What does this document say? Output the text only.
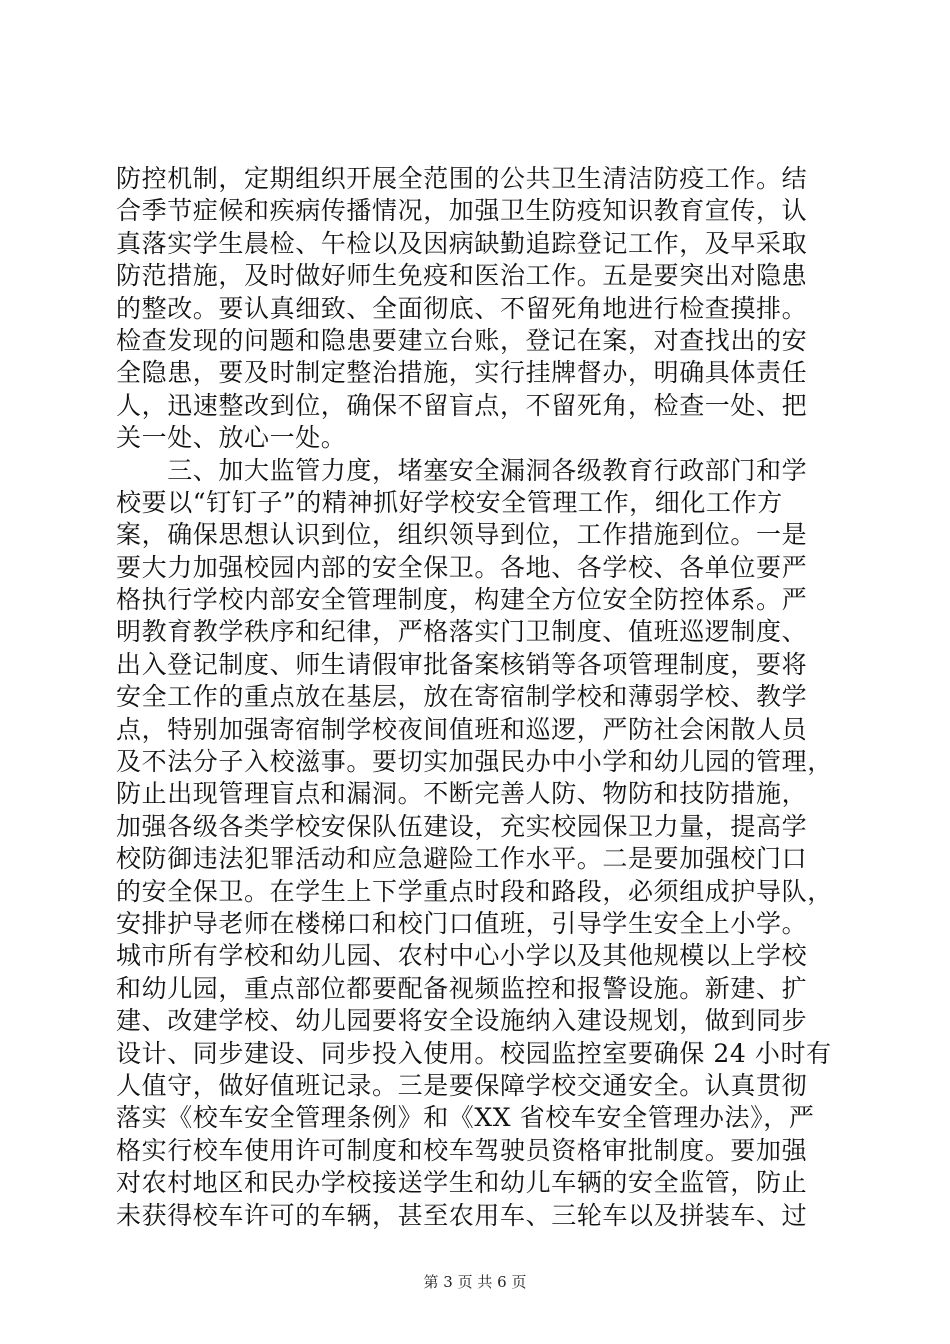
防控机制，定期组织开展全范围的公共卫生清洁防疫工作。结
合季节症候和疾病传播情况，加强卫生防疫知识教育宣传，认
真落实学生晨检、午检以及因病缺勤追踪登记工作，及早采取
防范措施，及时做好师生免疫和医治工作。五是要突出对隐患
的整改。要认真细致、全面彻底、不留死角地进行检查摸排。
检查发现的问题和隐患要建立台账，登记在案，对查找出的安
全隐患，要及时制定整治措施，实行挂牌督办，明确具体责任
人，迅速整改到位，确保不留盲点，不留死角，检查一处、把
关一处、放心一处。
　　三、加大监管力度，堵塞安全漏洞各级教育行政部门和学
校要以“钉钉子”的精神抓好学校安全管理工作，细化工作方
案，确保思想认识到位，组织领导到位，工作措施到位。一是
要大力加强校园内部的安全保卫。各地、各学校、各单位要严
格执行学校内部安全管理制度，构建全方位安全防控体系。严
明教育教学秩序和纪律，严格落实门卫制度、值班巡逻制度、
出入登记制度、师生请假审批备案核销等各项管理制度，要将
安全工作的重点放在基层，放在寄宿制学校和薄弱学校、教学
点，特别加强寄宿制学校夜间值班和巡逻，严防社会闲散人员
及不法分子入校滋事。要切实加强民办中小学和幼儿园的管理，
防止出现管理盲点和漏洞。不断完善人防、物防和技防措施，
加强各级各类学校安保队伍建设，充实校园保卫力量，提高学
校防御违法犯罪活动和应急避险工作水平。二是要加强校门口
的安全保卫。在学生上下学重点时段和路段，必须组成护导队，
安排护导老师在楼梯口和校门口值班，引导学生安全上小学。
城市所有学校和幼儿园、农村中心小学以及其他规模以上学校
和幼儿园，重点部位都要配备视频监控和报警设施。新建、扩
建、改建学校、幼儿园要将安全设施纳入建设规划，做到同步
设计、同步建设、同步投入使用。校园监控室要确保 24 小时有
人值守，做好值班记录。三是要保障学校交通安全。认真贯彻
落实《校车安全管理条例》和《XX 省校车安全管理办法》，严
格实行校车使用许可制度和校车驾驶员资格审批制度。要加强
对农村地区和民办学校接送学生和幼儿车辆的安全监管，防止
未获得校车许可的车辆，甚至农用车、三轮车以及拼装车、过
第 3 页 共 6 页
